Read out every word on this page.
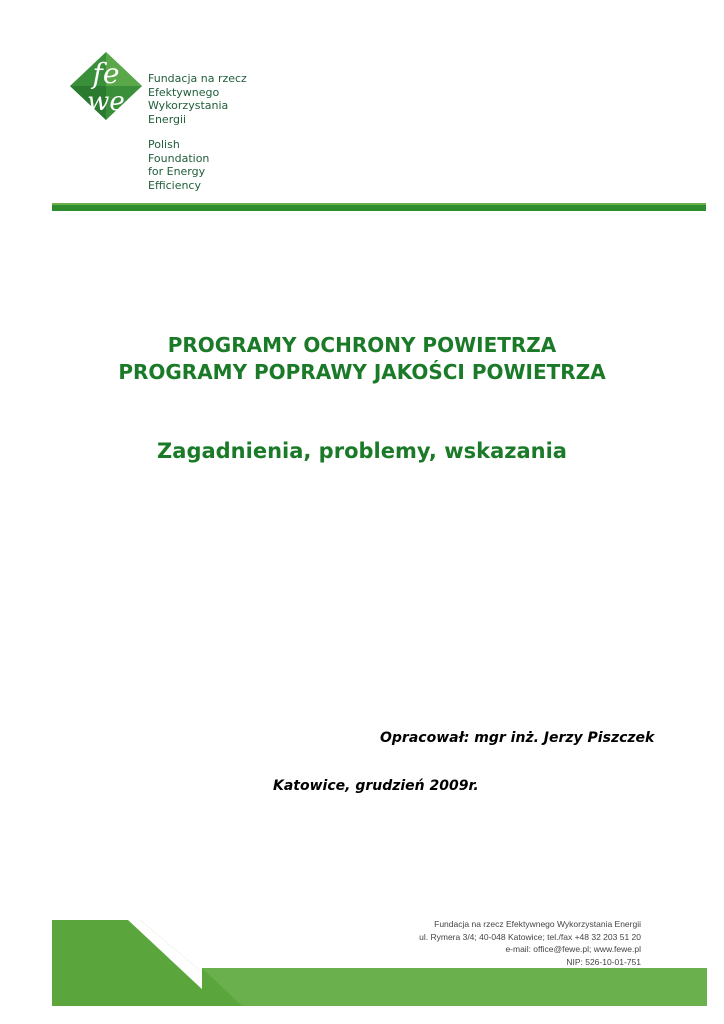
fe
we
Fundacja na rzecz
Efektywnego
Wykorzystania
Energii
Polish
Foundation
for Energy
Efficiency
PROGRAMY OCHRONY POWIETRZA
PROGRAMY POPRAWY JAKOŚCI POWIETRZA
Zagadnienia, problemy, wskazania
Opracował: mgr inż. Jerzy Piszczek
Katowice, grudzień 2009r.
Fundacja na rzecz Efektywnego Wykorzystania Energii
ul. Rymera 3/4; 40-048 Katowice; tel./fax +48 32 203 51 20
e-mail: office@fewe.pl; www.fewe.pl
NIP: 526-10-01-751
